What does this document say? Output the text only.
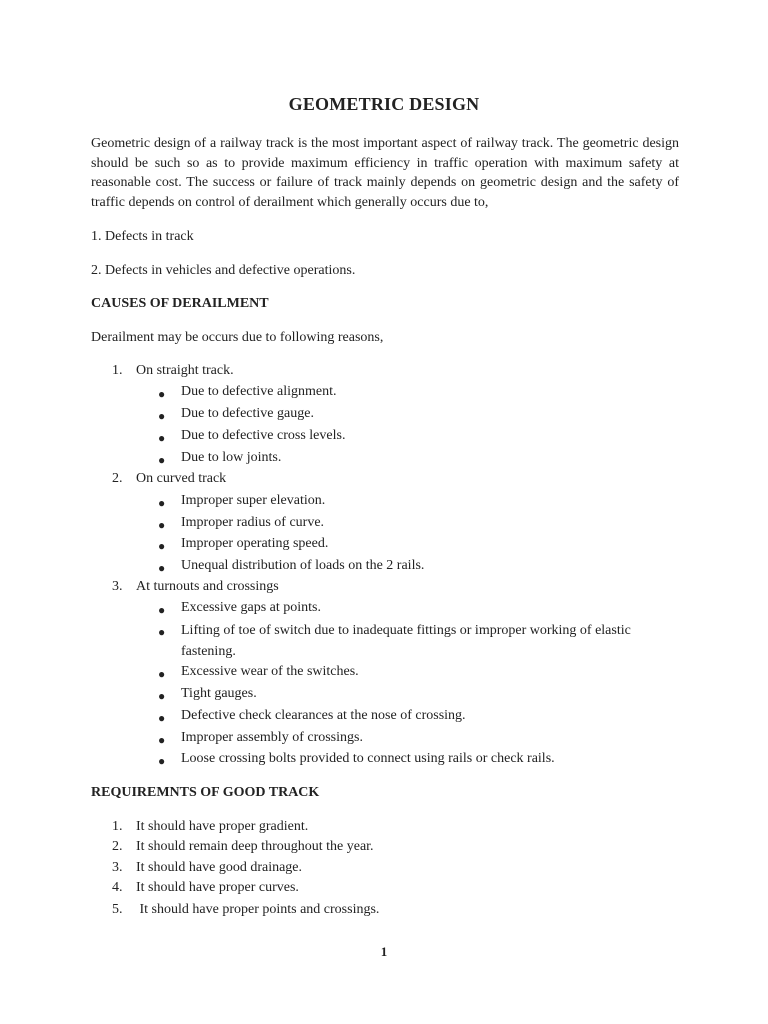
GEOMETRIC DESIGN
Geometric design of a railway track is the most important aspect of railway track. The geometric design should be such so as to provide maximum efficiency in traffic operation with maximum safety at reasonable cost. The success or failure of track mainly depends on geometric design and the safety of traffic depends on control of derailment which generally occurs due to,
1. Defects in track
2. Defects in vehicles and defective operations.
CAUSES OF DERAILMENT
Derailment may be occurs due to following reasons,
1. On straight track.
● Due to defective alignment.
● Due to defective gauge.
● Due to defective cross levels.
● Due to low joints.
2. On curved track
● Improper super elevation.
● Improper radius of curve.
● Improper operating speed.
● Unequal distribution of loads on the 2 rails.
3. At turnouts and crossings
● Excessive gaps at points.
● Lifting of toe of switch due to inadequate fittings or improper working of elastic fastening.
● Excessive wear of the switches.
● Tight gauges.
● Defective check clearances at the nose of crossing.
● Improper assembly of crossings.
● Loose crossing bolts provided to connect using rails or check rails.
REQUIREMNTS OF GOOD TRACK
1. It should have proper gradient.
2. It should remain deep throughout the year.
3. It should have good drainage.
4. It should have proper curves.
5. It should have proper points and crossings.
1
